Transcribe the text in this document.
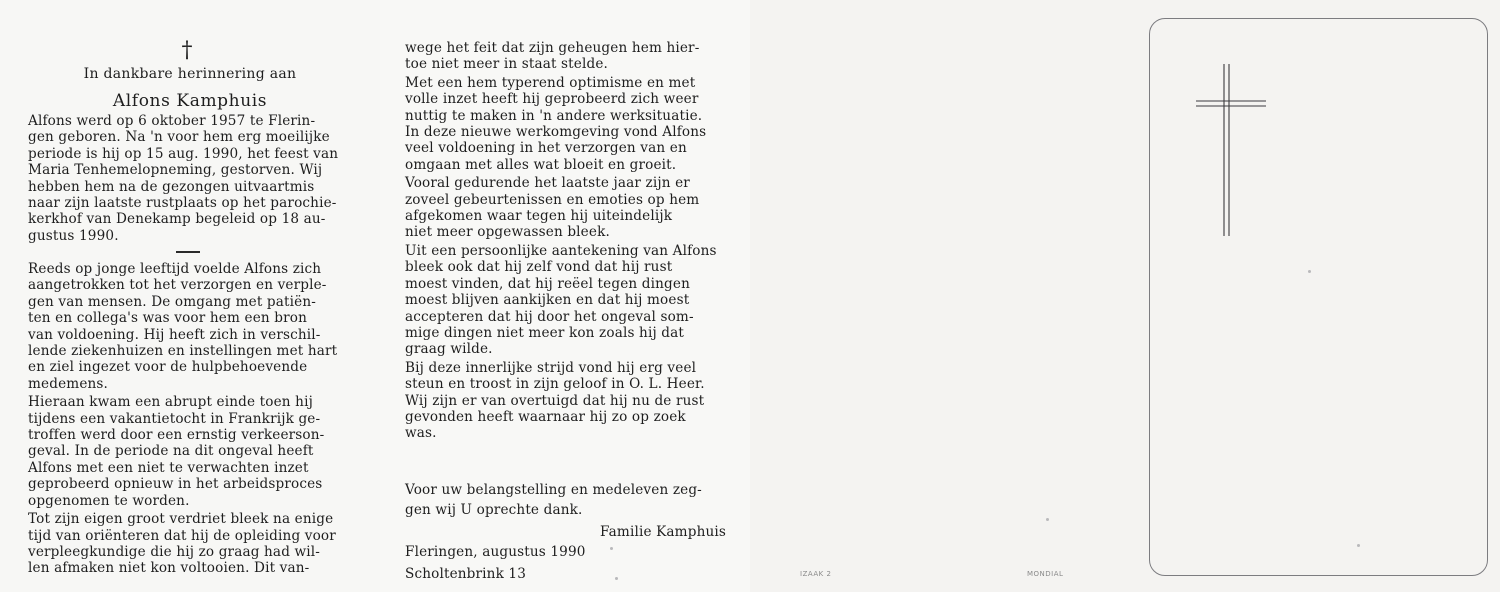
†
In dankbare herinnering aan
Alfons Kamphuis

Alfons werd op 6 oktober 1957 te Flerin-
gen geboren. Na 'n voor hem erg moeilijke
periode is hij op 15 aug. 1990, het feest van
Maria Tenhemelopneming, gestorven. Wij
hebben hem na de gezongen uitvaartmis
naar zijn laatste rustplaats op het parochie-
kerkhof van Denekamp begeleid op 18 au-
gustus 1990.

Reeds op jonge leeftijd voelde Alfons zich
aangetrokken tot het verzorgen en verple-
gen van mensen. De omgang met patiën-
ten en collega's was voor hem een bron
van voldoening. Hij heeft zich in verschil-
lende ziekenhuizen en instellingen met hart
en ziel ingezet voor de hulpbehoevende
medemens.

Hieraan kwam een abrupt einde toen hij
tijdens een vakantietocht in Frankrijk ge-
troffen werd door een ernstig verkeerson-
geval. In de periode na dit ongeval heeft
Alfons met een niet te verwachten inzet
geprobeerd opnieuw in het arbeidsproces
opgenomen te worden.

Tot zijn eigen groot verdriet bleek na enige
tijd van oriënteren dat hij de opleiding voor
verpleegkundige die hij zo graag had wil-
len afmaken niet kon voltooien. Dit van-

wege het feit dat zijn geheugen hem hier-
toe niet meer in staat stelde.

Met een hem typerend optimisme en met
volle inzet heeft hij geprobeerd zich weer
nuttig te maken in 'n andere werksituatie.
In deze nieuwe werkomgeving vond Alfons
veel voldoening in het verzorgen van en
omgaan met alles wat bloeit en groeit.

Vooral gedurende het laatste jaar zijn er
zoveel gebeurtenissen en emoties op hem
afgekomen waar tegen hij uiteindelijk
niet meer opgewassen bleek.

Uit een persoonlijke aantekening van Alfons
bleek ook dat hij zelf vond dat hij rust
moest vinden, dat hij reëel tegen dingen
moest blijven aankijken en dat hij moest
accepteren dat hij door het ongeval som-
mige dingen niet meer kon zoals hij dat
graag wilde.

Bij deze innerlijke strijd vond hij erg veel
steun en troost in zijn geloof in O. L. Heer.
Wij zijn er van overtuigd dat hij nu de rust
gevonden heeft waarnaar hij zo op zoek
was.

Voor uw belangstelling en medeleven zeg-
gen wij U oprechte dank.

Familie Kamphuis
Fleringen, augustus 1990
Scholtenbrink 13	IZAAK 2	MONDIAL
